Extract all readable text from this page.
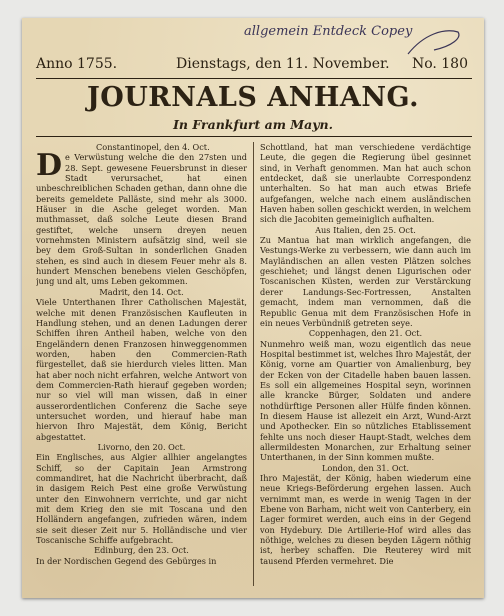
allgemein Entdeck Copey
Anno 1755.	Dienstags, den 11. November. No. 180
JOURNALS ANHANG.
In Frankfurt am Mayn.
Constantinopel, den 4. Oct.

De Verwüstung welche die den 27sten und 28. Sept. gewesene Feuersbrunst in dieser Stadt verursachet, hat einen unbeschreiblichen Schaden gethan, dann ohne die bereits gemeldete Palläste, sind mehr als 3000. Häuser in die Asche geleget worden. Man muthmasset, daß solche Leute diesen Brand gestiftet, welche unsern dreyen neuen vornehmsten Ministern aufsätzig sind, weil sie bey dem Groß-Sultan in sonderlichen Gnaden stehen, es sind auch in diesem Feuer mehr als 8. hundert Menschen benebens vielen Geschöpfen, jung und alt, ums Leben gekommen.

Madrit, den 14. Oct.

Viele Unterthanen Ihrer Catholischen Majestät, welche mit denen Französischen Kaufleuten in Handlung stehen, und an denen Ladungen derer Schiffen ihren Antheil haben, welche von den Engeländern denen Franzosen hinweggenommen worden, haben den Commercien-Rath fürgestellet, daß sie hierdurch vieles litten. Man hat aber noch nicht erfahren, welche Antwort von dem Commercien-Rath hierauf gegeben worden; nur so viel will man wissen, daß in einer ausserordentlichen Conferenz die Sache seye untersuchet worden, und hierauf habe man hiervon Ihro Majestät, dem König, Bericht abgestattet.

Livorno, den 20. Oct.

Ein Englisches, aus Algier allhier angelangtes Schiff, so der Capitain Jean Armstrong commandiret, hat die Nachricht überbracht, daß in dasigem Reich Pest eine große Verwüstung unter den Einwohnern verrichte, und gar nicht mit dem Krieg den sie mit Toscana und den Holländern angefangen, zufrieden wären, indem sie seit dieser Zeit nur 5. Holländische und vier Toscanische Schiffe aufgebracht.

Edinburg, den 23. Oct.

In der Nordischen Gegend des Gebürges in

Schottland, hat man verschiedene verdächtige Leute, die gegen die Regierung übel gesinnet sind, in Verhaft genommen. Man hat auch schon entdecket, daß sie unerlaubte Correspondenz unterhalten. So hat man auch etwas Briefe aufgefangen, welche nach einem ausländischen Haven haben sollen geschickt werden, in welchem sich die Jacobiten gemeiniglich aufhalten.

Aus Italien, den 25. Oct.

Zu Mantua hat man wirklich angefangen, die Vestungs-Werke zu verbessern, wie dann auch im Mayländischen an allen vesten Plätzen solches geschiehet; und längst denen Ligurischen oder Toscanischen Küsten, werden zur Verstärckung derer Landungs-Sec-Fortressen, Anstalten gemacht, indem man vernommen, daß die Republic Genua mit dem Französischen Hofe in ein neues Verbündniß getreten seye.

Coppenhagen, den 21. Oct.

Nunmehro weiß man, wozu eigentlich das neue Hospital bestimmet ist, welches Ihro Majestät, der König, vorne am Quartier von Amalienburg, bey der Ecken von der Citadelle haben bauen lassen. Es soll ein allgemeines Hospital seyn, worinnen alle krancke Bürger, Soldaten und andere nothdürftige Personen aller Hülfe finden können. In diesem Hause ist allezeit ein Arzt, Wund-Arzt und Apothecker. Ein so nützliches Etablissement fehlte uns noch dieser Haupt-Stadt, welches dem allermildesten Monarchen, zur Erhaltung seiner Unterthanen, in der Sinn kommen mußte.

London, den 31. Oct.

Ihro Majestät, der König, haben wiederum eine neue Kriegs-Beförderung ergehen lassen. Auch vernimmt man, es werde in wenig Tagen in der Ebene von Barham, nicht weit von Canterbery, ein Lager formiret werden, auch eins in der Gegend von Hydebury. Die Artillerie-Hof wird alles das nöthige, welches zu diesen beyden Lägern nöthig ist, herbey schaffen. Die Reuterey wird mit tausend Pferden vermehret. Die
